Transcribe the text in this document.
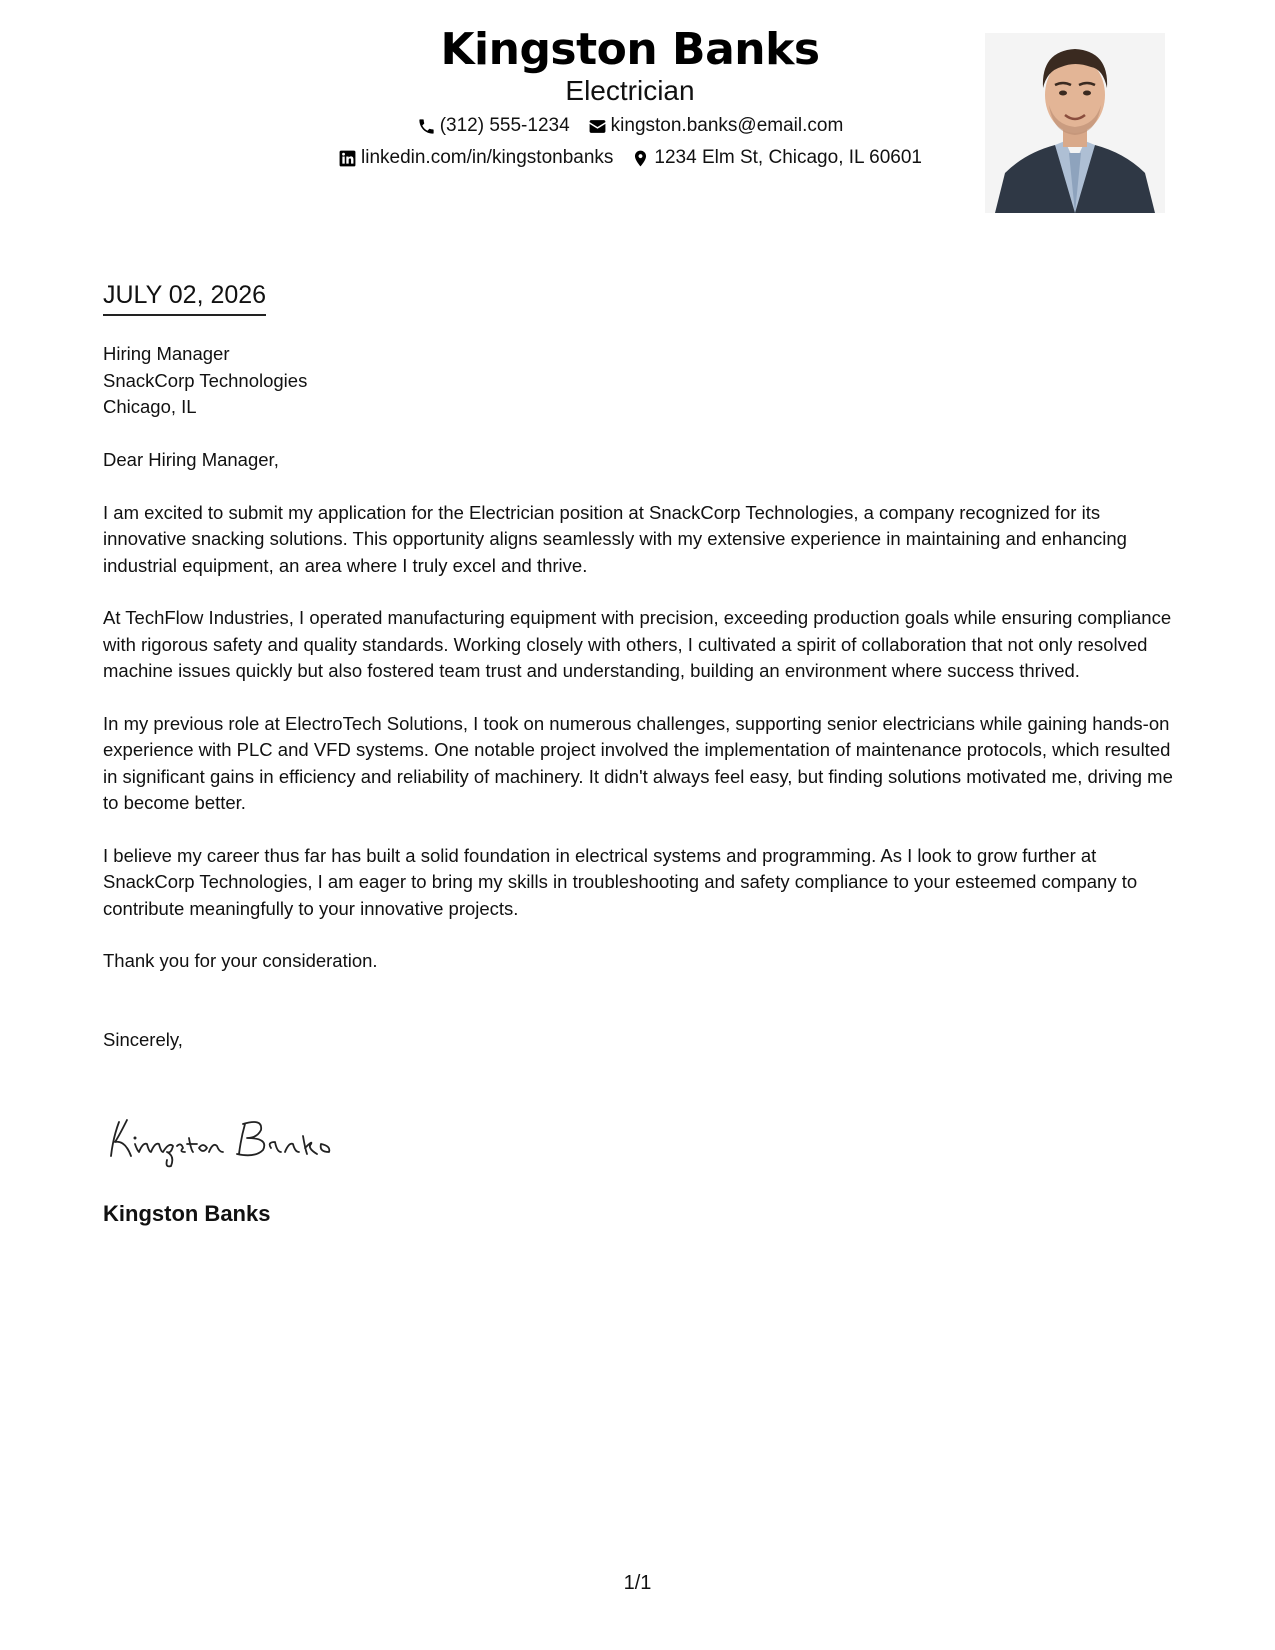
Kingston Banks
Electrician
(312) 555-1234 kingston.banks@email.com
linkedin.com/in/kingstonbanks 1234 Elm St, Chicago, IL 60601
JULY 02, 2026
Hiring Manager
SnackCorp Technologies
Chicago, IL

Dear Hiring Manager,

I am excited to submit my application for the Electrician position at SnackCorp Technologies, a company recognized for its innovative snacking solutions. This opportunity aligns seamlessly with my extensive experience in maintaining and enhancing industrial equipment, an area where I truly excel and thrive.

At TechFlow Industries, I operated manufacturing equipment with precision, exceeding production goals while ensuring compliance with rigorous safety and quality standards. Working closely with others, I cultivated a spirit of collaboration that not only resolved machine issues quickly but also fostered team trust and understanding, building an environment where success thrived.

In my previous role at ElectroTech Solutions, I took on numerous challenges, supporting senior electricians while gaining hands-on experience with PLC and VFD systems. One notable project involved the implementation of maintenance protocols, which resulted in significant gains in efficiency and reliability of machinery. It didn't always feel easy, but finding solutions motivated me, driving me to become better.

I believe my career thus far has built a solid foundation in electrical systems and programming. As I look to grow further at SnackCorp Technologies, I am eager to bring my skills in troubleshooting and safety compliance to your esteemed company to contribute meaningfully to your innovative projects.

Thank you for your consideration.

Sincerely,

Kingston Banks
1/1
